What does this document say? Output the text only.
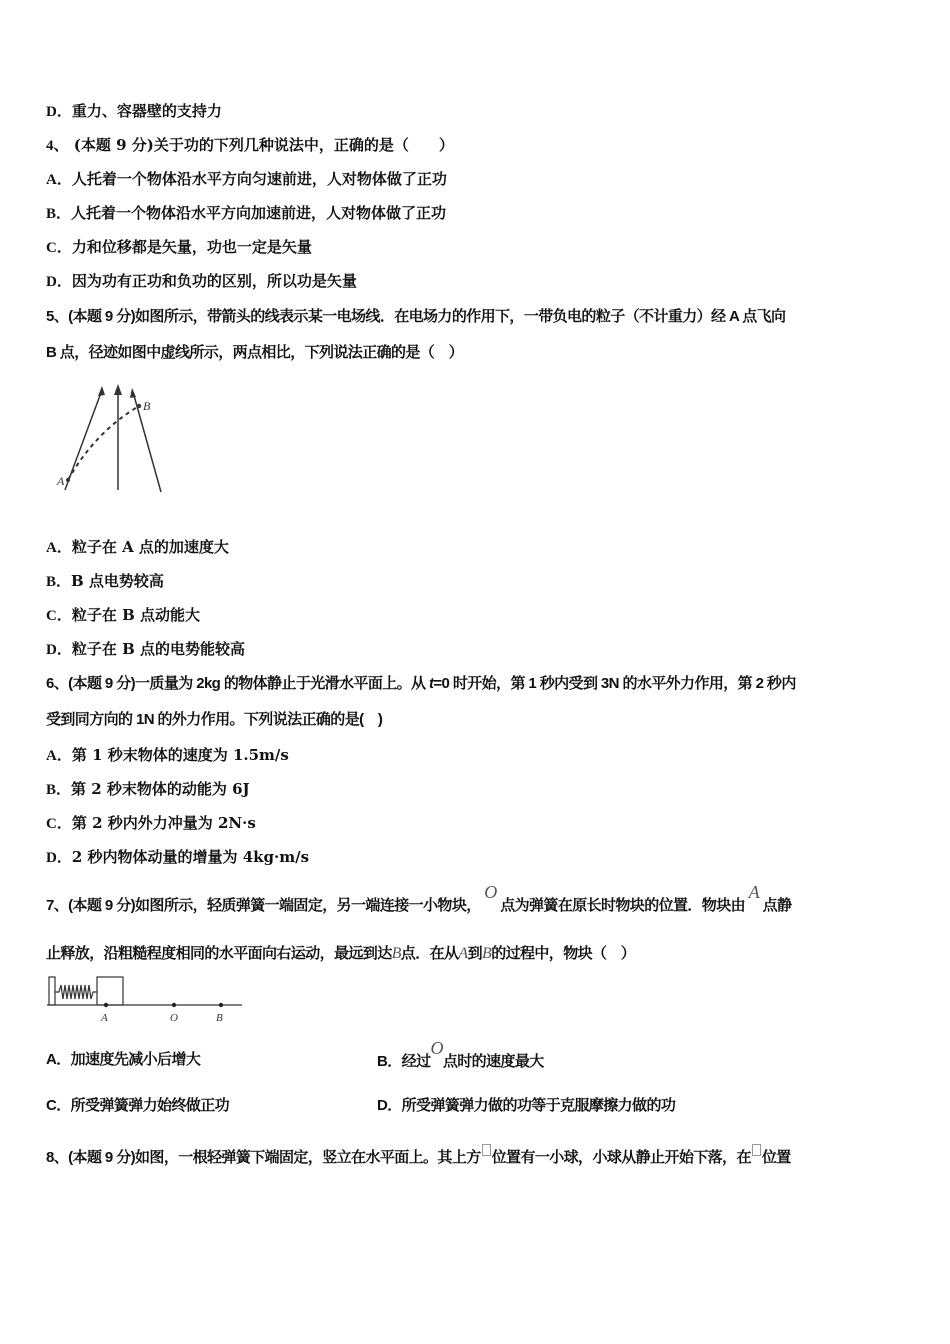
D．重力、容器壁的支持力
4、 (本题 9 分)关于功的下列几种说法中，正确的是（　　）
A．人托着一个物体沿水平方向匀速前进，人对物体做了正功
B．人托着一个物体沿水平方向加速前进，人对物体做了正功
C．力和位移都是矢量，功也一定是矢量
D．因为功有正功和负功的区别，所以功是矢量
5、(本题 9 分)如图所示，带箭头的线表示某一电场线．在电场力的作用下，一带负电的粒子（不计重力）经 A 点飞向
B 点，径迹如图中虚线所示，两点相比，下列说法正确的是（　）
A
B
A．粒子在 A 点的加速度大
B．B 点电势较高
C．粒子在 B 点动能大
D．粒子在 B 点的电势能较高
6、(本题 9 分)一质量为 2kg 的物体静止于光滑水平面上。从 t=0 时开始，第 1 秒内受到 3N 的水平外力作用，第 2 秒内
受到同方向的 1N 的外力作用。下列说法正确的是(　)
A．第 1 秒末物体的速度为 1.5m/s
B．第 2 秒末物体的动能为 6J
C．第 2 秒内外力冲量为 2N·s
D．2 秒内物体动量的增量为 4kg·m/s
7、(本题 9 分)如图所示，轻质弹簧一端固定，另一端连接一小物块， O 点为弹簧在原长时物块的位置．物块由 A 点静
止释放，沿粗糙程度相同的水平面向右运动，最远到达B点．在从A到B的过程中，物块（　）
A	O	B
A．加速度先减小后增大	B．经过O点时的速度最大
C．所受弹簧弹力始终做正功	D．所受弹簧弹力做的功等于克服摩擦力做的功
8、(本题 9 分)如图，一根轻弹簧下端固定，竖立在水平面上。其上方 位置有一小球，小球从静止开始下落，在 位置
